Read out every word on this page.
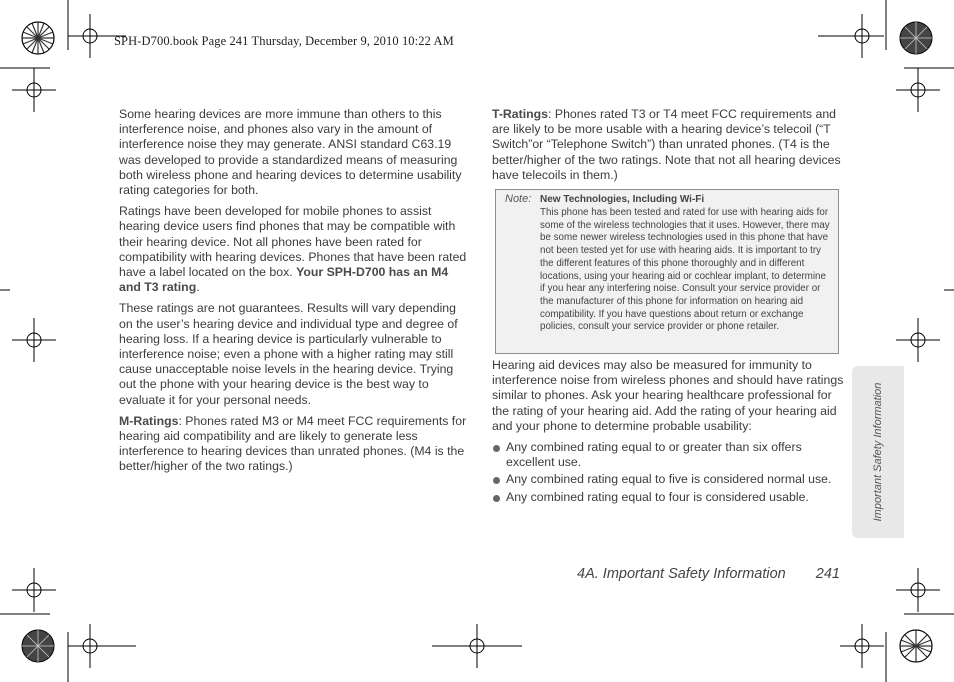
SPH-D700.book Page 241 Thursday, December 9, 2010 10:22 AM

Some hearing devices are more immune than others to this interference noise, and phones also vary in the amount of interference noise they may generate. ANSI standard C63.19 was developed to provide a standardized means of measuring both wireless phone and hearing devices to determine usability rating categories for both.

Ratings have been developed for mobile phones to assist hearing device users find phones that may be compatible with their hearing device. Not all phones have been rated for compatibility with hearing devices. Phones that have been rated have a label located on the box. Your SPH-D700 has an M4 and T3 rating.

These ratings are not guarantees. Results will vary depending on the user’s hearing device and individual type and degree of hearing loss. If a hearing device is particularly vulnerable to interference noise; even a phone with a higher rating may still cause unacceptable noise levels in the hearing device. Trying out the phone with your hearing device is the best way to evaluate it for your personal needs.

M-Ratings: Phones rated M3 or M4 meet FCC requirements for hearing aid compatibility and are likely to generate less interference to hearing devices than unrated phones. (M4 is the better/higher of the two ratings.)

T-Ratings: Phones rated T3 or T4 meet FCC requirements and are likely to be more usable with a hearing device’s telecoil (“T Switch”or “Telephone Switch”) than unrated phones. (T4 is the better/higher of the two ratings. Note that not all hearing devices have telecoils in them.)

Note: New Technologies, Including Wi-Fi
This phone has been tested and rated for use with hearing aids for some of the wireless technologies that it uses. However, there may be some newer wireless technologies used in this phone that have not been tested yet for use with hearing aids. It is important to try the different features of this phone thoroughly and in different locations, using your hearing aid or cochlear implant, to determine if you hear any interfering noise. Consult your service provider or the manufacturer of this phone for information on hearing aid compatibility. If you have questions about return or exchange policies, consult your service provider or phone retailer.

Hearing aid devices may also be measured for immunity to interference noise from wireless phones and should have ratings similar to phones. Ask your hearing healthcare professional for the rating of your hearing aid. Add the rating of your hearing aid and your phone to determine probable usability:

Any combined rating equal to or greater than six offers excellent use.
Any combined rating equal to five is considered normal use.
Any combined rating equal to four is considered usable.	Important Safety Information
4A. Important Safety Information 241
